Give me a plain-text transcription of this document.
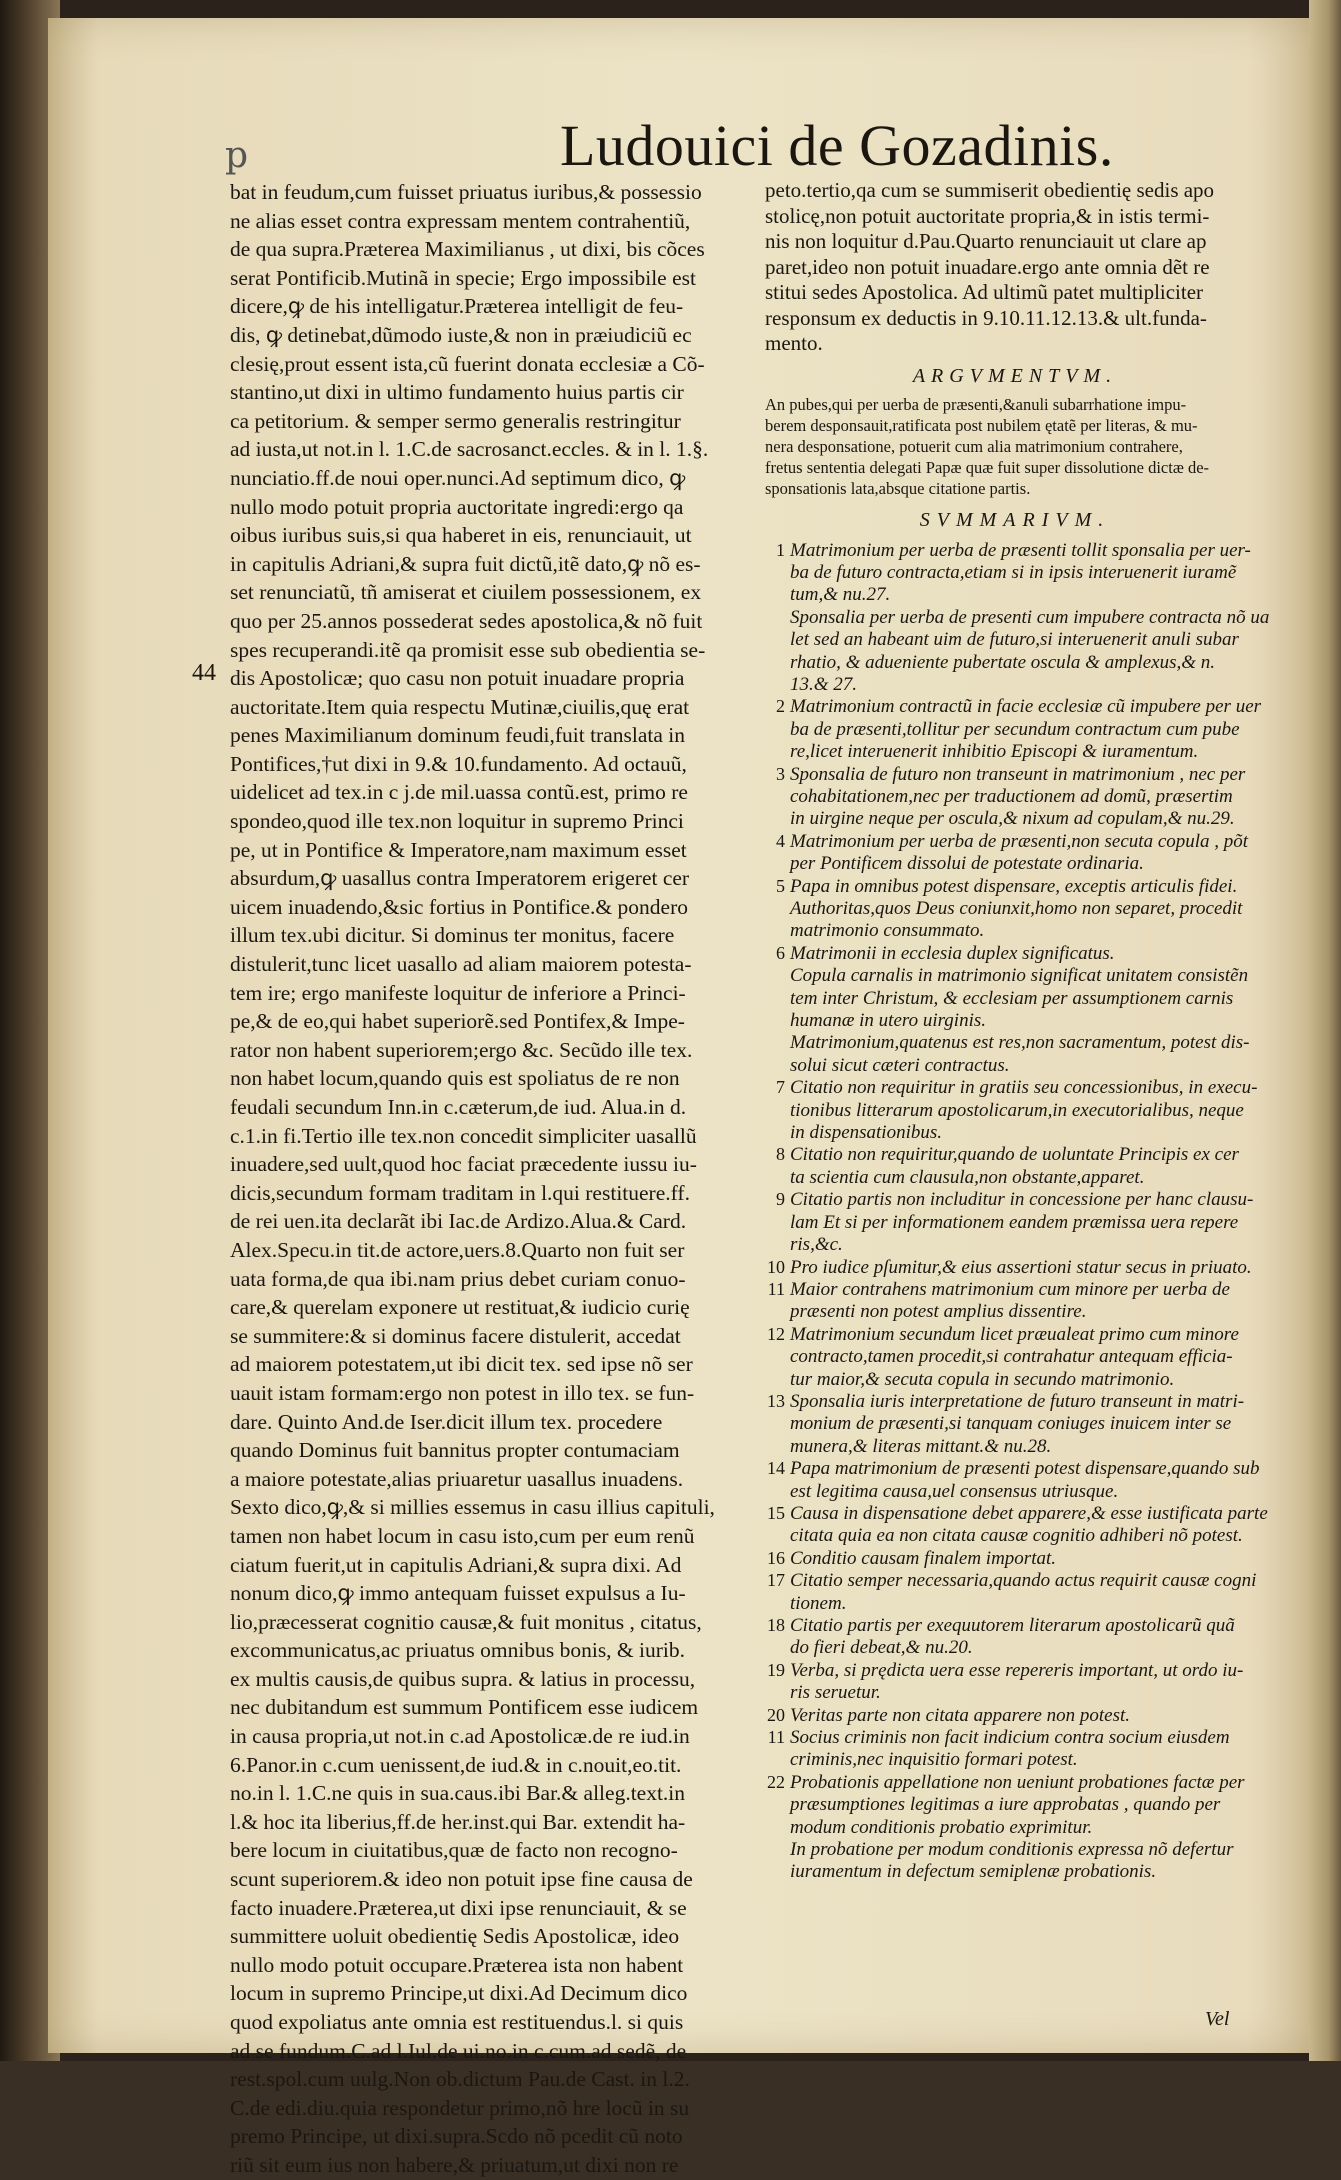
p	Ludouici de Gozadinis.
44
bat in feudum,cum fuisset priuatus iuribus,& possessio
ne alias esset contra expressam mentem contrahentiũ,
de qua supra.Præterea Maximilianus , ut dixi, bis cõces
serat Pontificib.Mutinã in specie; Ergo impossibile est
dicere,ꝙ de his intelligatur.Præterea intelligit de feu-
dis, ꝙ detinebat,dũmodo iuste,& non in præiudiciũ ec
clesię,prout essent ista,cũ fuerint donata ecclesiæ a Cõ-
stantino,ut dixi in ultimo fundamento huius partis cir
ca petitorium. & semper sermo generalis restringitur
ad iusta,ut not.in l. 1.C.de sacrosanct.eccles. & in l. 1.§.
nunciatio.ff.de noui oper.nunci.Ad septimum dico, ꝙ
nullo modo potuit propria auctoritate ingredi:ergo qa
oibus iuribus suis,si qua haberet in eis, renunciauit, ut
in capitulis Adriani,& supra fuit dictũ,itẽ dato,ꝙ nõ es-
set renunciatũ, tñ amiserat et ciuilem possessionem, ex
quo per 25.annos possederat sedes apostolica,& nõ fuit
spes recuperandi.itẽ qa promisit esse sub obedientia se-
dis Apostolicæ; quo casu non potuit inuadare propria
auctoritate.Item quia respectu Mutinæ,ciuilis,quę erat
penes Maximilianum dominum feudi,fuit translata in
Pontifices,†ut dixi in 9.& 10.fundamento. Ad octauũ,
uidelicet ad tex.in c j.de mil.uassa contũ.est, primo re
spondeo,quod ille tex.non loquitur in supremo Princi
pe, ut in Pontifice & Imperatore,nam maximum esset
absurdum,ꝙ uasallus contra Imperatorem erigeret cer
uicem inuadendo,&sic fortius in Pontifice.& pondero
illum tex.ubi dicitur. Si dominus ter monitus, facere
distulerit,tunc licet uasallo ad aliam maiorem potesta-
tem ire; ergo manifeste loquitur de inferiore a Princi-
pe,& de eo,qui habet superiorẽ.sed Pontifex,& Impe-
rator non habent superiorem;ergo &c. Secũdo ille tex.
non habet locum,quando quis est spoliatus de re non
feudali secundum Inn.in c.cæterum,de iud. Alua.in d.
c.1.in fi.Tertio ille tex.non concedit simpliciter uasallũ
inuadere,sed uult,quod hoc faciat præcedente iussu iu-
dicis,secundum formam traditam in l.qui restituere.ff.
de rei uen.ita declarãt ibi Iac.de Ardizo.Alua.& Card.
Alex.Specu.in tit.de actore,uers.8.Quarto non fuit ser
uata forma,de qua ibi.nam prius debet curiam conuo-
care,& querelam exponere ut restituat,& iudicio curię
se summitere:& si dominus facere distulerit, accedat
ad maiorem potestatem,ut ibi dicit tex. sed ipse nõ ser
uauit istam formam:ergo non potest in illo tex. se fun-
dare. Quinto And.de Iser.dicit illum tex. procedere
quando Dominus fuit bannitus propter contumaciam
a maiore potestate,alias priuaretur uasallus inuadens.
Sexto dico,ꝙ,& si millies essemus in casu illius capituli,
tamen non habet locum in casu isto,cum per eum renũ
ciatum fuerit,ut in capitulis Adriani,& supra dixi. Ad
nonum dico,ꝙ immo antequam fuisset expulsus a Iu-
lio,præcesserat cognitio causæ,& fuit monitus , citatus,
excommunicatus,ac priuatus omnibus bonis, & iurib.
ex multis causis,de quibus supra. & latius in processu,
nec dubitandum est summum Pontificem esse iudicem
in causa propria,ut not.in c.ad Apostolicæ.de re iud.in
6.Panor.in c.cum uenissent,de iud.& in c.nouit,eo.tit.
no.in l. 1.C.ne quis in sua.caus.ibi Bar.& alleg.text.in
l.& hoc ita liberius,ff.de her.inst.qui Bar. extendit ha-
bere locum in ciuitatibus,quæ de facto non recogno-
scunt superiorem.& ideo non potuit ipse fine causa de
facto inuadere.Præterea,ut dixi ipse renunciauit, & se
summittere uoluit obedientię Sedis Apostolicæ, ideo
nullo modo potuit occupare.Præterea ista non habent
locum in supremo Principe,ut dixi.Ad Decimum dico
quod expoliatus ante omnia est restituendus.l. si quis
ad se fundum.C.ad l.Iul.de ui.no.in c.cum.ad sedẽ, de
rest.spol.cum uulg.Non ob.dictum Pau.de Cast. in l.2.
C.de edi.diu.quia respondetur primo,nõ hre locũ in su
premo Principe, ut dixi.supra.Scdo nõ pcedit cũ noto
riũ sit eum ius non habere,& priuatum,ut dixi non re
peto.tertio,qa cum se summiserit obedientię sedis apo
stolicę,non potuit auctoritate propria,& in istis termi-
nis non loquitur d.Pau.Quarto renunciauit ut clare ap
paret,ideo non potuit inuadare.ergo ante omnia dẽt re
stitui sedes Apostolica. Ad ultimũ patet multipliciter
responsum ex deductis in 9.10.11.12.13.& ult.funda-
mento.
ARGVMENTVM.
An pubes,qui per uerba de præsenti,&anuli subarrhatione impu-
berem desponsauit,ratificata post nubilem ętatẽ per literas, & mu-
nera desponsatione, potuerit cum alia matrimonium contrahere,
fretus sententia delegati Papæ quæ fuit super dissolutione dictæ de-
sponsationis lata,absque citatione partis.
SVMMARIVM.
1 Matrimonium per uerba de præsenti tollit sponsalia per uer-
ba de futuro contracta,etiam si in ipsis interuenerit iuramẽ
tum,& nu.27.
Sponsalia per uerba de presenti cum impubere contracta nõ ua
let sed an habeant uim de futuro,si interuenerit anuli subar
rhatio, & adueniente pubertate oscula & amplexus,& n.
13.& 27.
2 Matrimonium contractũ in facie ecclesiæ cũ impubere per uer
ba de præsenti,tollitur per secundum contractum cum pube
re,licet interuenerit inhibitio Episcopi & iuramentum.
3 Sponsalia de futuro non transeunt in matrimonium , nec per
cohabitationem,nec per traductionem ad domũ, præsertim
in uirgine neque per oscula,& nixum ad copulam,& nu.29.
4 Matrimonium per uerba de præsenti,non secuta copula , põt
per Pontificem dissolui de potestate ordinaria.
5 Papa in omnibus potest dispensare, exceptis articulis fidei.
Authoritas,quos Deus coniunxit,homo non separet, procedit
matrimonio consummato.
6 Matrimonii in ecclesia duplex significatus.
Copula carnalis in matrimonio significat unitatem consistẽn
tem inter Christum, & ecclesiam per assumptionem carnis
humanæ in utero uirginis.
Matrimonium,quatenus est res,non sacramentum, potest dis-
solui sicut cæteri contractus.
7 Citatio non requiritur in gratiis seu concessionibus, in execu-
tionibus litterarum apostolicarum,in executorialibus, neque
in dispensationibus.
8 Citatio non requiritur,quando de uoluntate Principis ex cer
ta scientia cum clausula,non obstante,apparet.
9 Citatio partis non includitur in concessione per hanc clausu-
lam Et si per informationem eandem præmissa uera repere
ris,&c.
10 Pro iudice pſumitur,& eius assertioni statur secus in priuato.
11 Maior contrahens matrimonium cum minore per uerba de
præsenti non potest amplius dissentire.
12 Matrimonium secundum licet præualeat primo cum minore
contracto,tamen procedit,si contrahatur antequam efficia-
tur maior,& secuta copula in secundo matrimonio.
13 Sponsalia iuris interpretatione de futuro transeunt in matri-
monium de præsenti,si tanquam coniuges inuicem inter se
munera,& literas mittant.& nu.28.
14 Papa matrimonium de præsenti potest dispensare,quando sub
est legitima causa,uel consensus utriusque.
15 Causa in dispensatione debet apparere,& esse iustificata parte
citata quia ea non citata causæ cognitio adhiberi nõ potest.
16 Conditio causam finalem importat.
17 Citatio semper necessaria,quando actus requirit causæ cogni
tionem.
18 Citatio partis per exequutorem literarum apostolicarũ quã
do fieri debeat,& nu.20.
19 Verba, si prędicta uera esse repereris important, ut ordo iu-
ris seruetur.
20 Veritas parte non citata apparere non potest.
11 Socius criminis non facit indicium contra socium eiusdem
criminis,nec inquisitio formari potest.
22 Probationis appellatione non ueniunt probationes factæ per
præsumptiones legitimas a iure approbatas , quando per
modum conditionis probatio exprimitur.
In probatione per modum conditionis expressa nõ defertur
iuramentum in defectum semiplenæ probationis.
Vel
